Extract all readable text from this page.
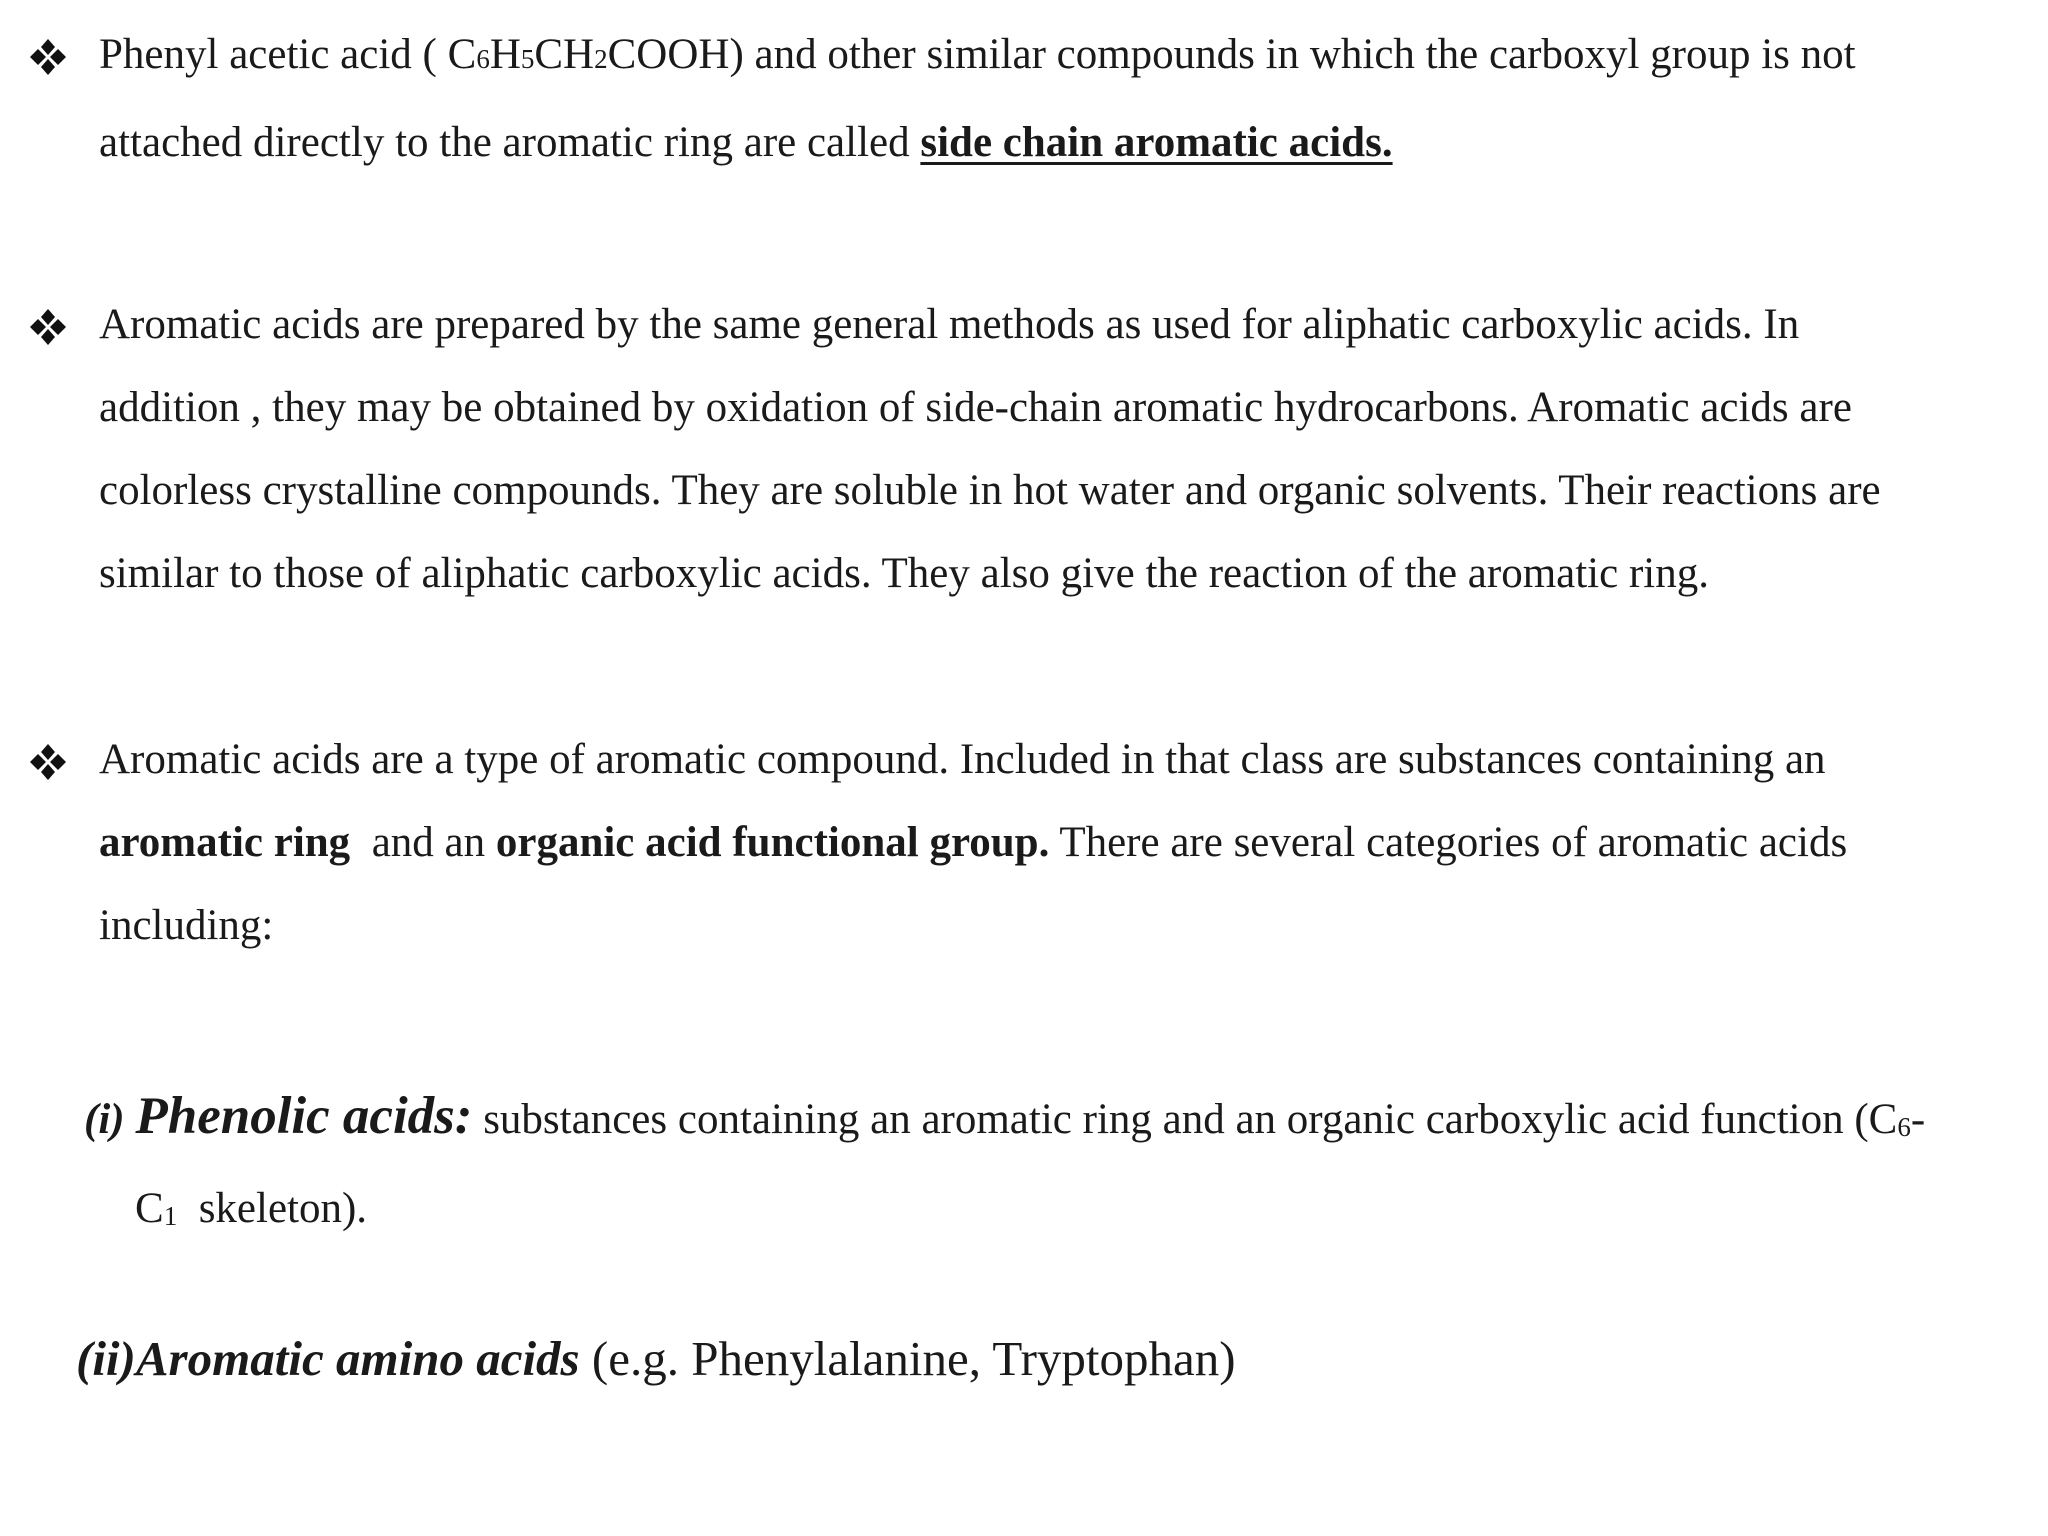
Phenyl acetic acid ( C6H5CH2COOH) and other similar compounds in which the carboxyl group is not
attached directly to the aromatic ring are called side chain aromatic acids.

Aromatic acids are prepared by the same general methods as used for aliphatic carboxylic acids. In
addition , they may be obtained by oxidation of side-chain aromatic hydrocarbons. Aromatic acids are
colorless crystalline compounds. They are soluble in hot water and organic solvents. Their reactions are
similar to those of aliphatic carboxylic acids. They also give the reaction of the aromatic ring.

Aromatic acids are a type of aromatic compound. Included in that class are substances containing an
aromatic ring  and an organic acid functional group. There are several categories of aromatic acids
including:

(i) Phenolic acids: substances containing an aromatic ring and an organic carboxylic acid function (C6-
C1  skeleton).

(ii)Aromatic amino acids (e.g. Phenylalanine, Tryptophan)
